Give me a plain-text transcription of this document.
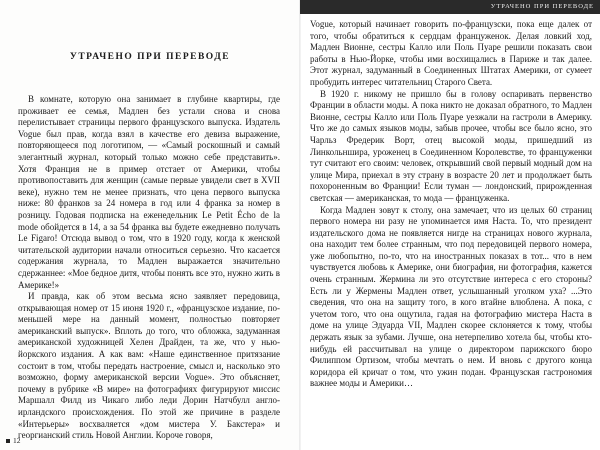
УТРАЧЕНО ПРИ ПЕРЕВОДЕ
УТРАЧЕНО ПРИ ПЕРЕВОДЕ

В комнате, которую она занимает в глубине квартиры, где проживает ее семья, Мадлен без устали снова и снова перелистывает страницы первого французского выпуска. Издатель Vogue был прав, когда взял в качестве его девиза выражение, повторяющееся под логотипом, — «Самый роскошный и самый элегантный журнал, который только можно себе представить». Хотя Франция не в пример отстает от Америки, чтобы противопоставить для женщин (самые первые увидели свет в XVII веке), нужно тем не менее признать, что цена первого выпуска ниже: 80 франков за 24 номера в год или 4 франка за номер в розницу. Годовая подписка на еженедельник Le Petit Écho de la mode обойдется в 14, а за 54 франка вы будете ежедневно получать Le Figaro! Отсюда вывод о том, что в 1920 году, когда к женской читательской аудитории начали относиться серьезно. Что касается содержания журнала, то Мадлен выражается значительно сдержаннее: «Мое бедное дитя, чтобы понять все это, нужно жить в Америке!»

И правда, как об этом весьма ясно заявляет передовица, открывающая номер от 15 июня 1920 г., «французское издание, по-меньшей мере на данный момент, полностью повторяет американский выпуск». Вплоть до того, что обложка, задуманная американской художницей Хелен Драйден, та же, что у нью-йоркского издания. А как вам: «Наше единственное притязание состоит в том, чтобы передать настроение, смысл и, насколько это возможно, форму американской версии Vogue». Это объясняет, почему в рубрике «В мире» на фотографиях фигурируют миссис Маршалл Филд из Чикаго либо леди Дорин Натчбулл англо-ирландского происхождения. По этой же причине в разделе «Интерьеры» восхваляется «дом мистера У. Бакстера» и георгианский стиль Новой Англии. Короче говоря,

Vogue, который начинает говорить по-французски, пока еще далек от того, чтобы обратиться к сердцам француженок. Делая ловкий ход, Мадлен Вионне, сестры Калло или Поль Пуаре решили показать свои работы в Нью-Йорке, чтобы ими восхищались в Париже и так далее. Этот журнал, задуманный в Соединенных Штатах Америки, от сумеет пробудить интерес читательниц Старого Света.

В 1920 г. никому не пришло бы в голову оспаривать первенство Франции в области моды. А пока никто не доказал обратного, то Мадлен Вионне, сестры Калло или Поль Пуаре уезжали на гастроли в Америку. Что же до самых языков моды, забыв прочее, чтобы все было ясно, это Чарльз Фредерик Ворт, отец высокой моды, пришедший из Линкольншира, уроженец в Соединенном Королевстве, то француженки тут считают его своим: человек, открывший свой первый модный дом на улице Мира, приехал в эту страну в возрасте 20 лет и продолжает быть похороненным во Франции! Если туман — лондонский, прирожденная светская — американская, то мода — француженка.

Когда Мадлен зовут к столу, она замечает, что из целых 60 страниц первого номера ни разу не упоминается имя Наста. То, что президент издательского дома не появляется нигде на страницах нового журнала, она находит тем более странным, что под передовицей первого номера, уже любопытно, по-то, что на иностранных показах в тот... что в нем чувствуется любовь к Америке, они биография, ни фотография, кажется очень странным. Жермина ли это отсутствие интереса с его стороны? Есть ли у Жермены Мадлен ответ, услышанный уголком уха? ...Это сведения, что она на защиту того, в кого втайне влюблена. А пока, с учетом того, что она ощутила, гадая на фотографию мистера Наста в доме на улице Эдуарда VII, Мадлен скорее склоняется к тому, чтобы держать язык за зубами. Лучше, она нетерпеливо хотела бы, чтобы кто-нибудь ей рассчитывал на улице о директором парижского бюро Филиппом Ортизом, чтобы мечтать о нем. И вновь с другого конца коридора ей кричат о том, что ужин подан. Французская гастрономия важнее моды и Америки…

12
